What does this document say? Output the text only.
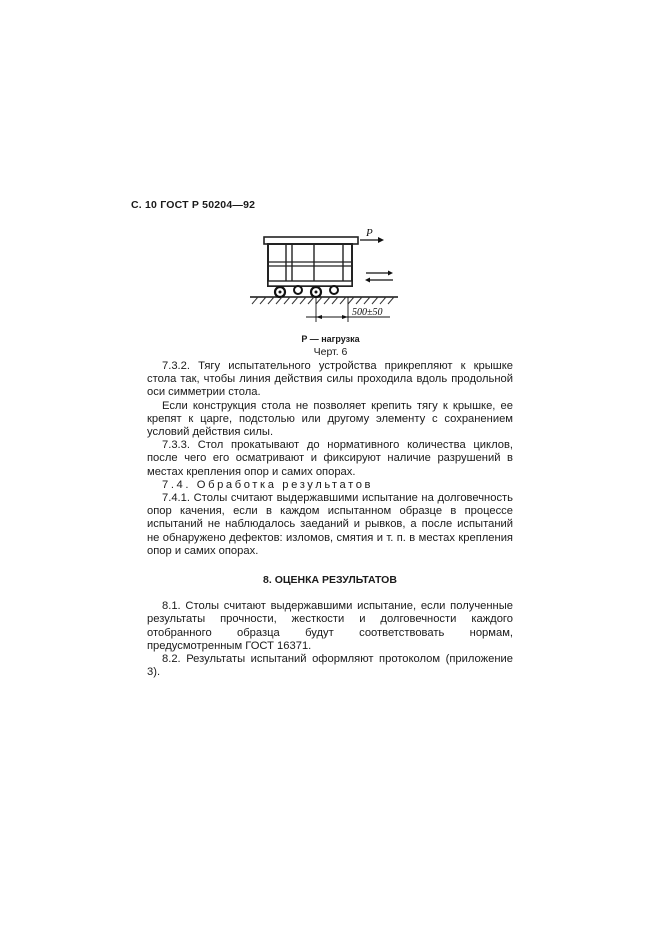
С. 10 ГОСТ Р 50204—92
P
500±50
P — нагрузка
Черт. 6

7.3.2. Тягу испытательного устройства прикрепляют к крышке стола так, чтобы линия действия силы проходила вдоль продольной оси симметрии стола.

Если конструкция стола не позволяет крепить тягу к крышке, ее крепят к царге, подстолью или другому элементу с сохранением условий действия силы.

7.3.3. Стол прокатывают до нормативного количества циклов, после чего его осматривают и фиксируют наличие разрушений в местах крепления опор и самих опорах.

7.4. Обработка результатов

7.4.1. Столы считают выдержавшими испытание на долговечность опор качения, если в каждом испытанном образце в процессе испытаний не наблюдалось заеданий и рывков, а после испытаний не обнаружено дефектов: изломов, смятия и т. п. в местах крепления опор и самих опорах.

8. ОЦЕНКА РЕЗУЛЬТАТОВ

8.1. Столы считают выдержавшими испытание, если полученные результаты прочности, жесткости и долговечности каждого отобранного образца будут соответствовать нормам, предусмотренным ГОСТ 16371.

8.2. Результаты испытаний оформляют протоколом (приложение 3).
